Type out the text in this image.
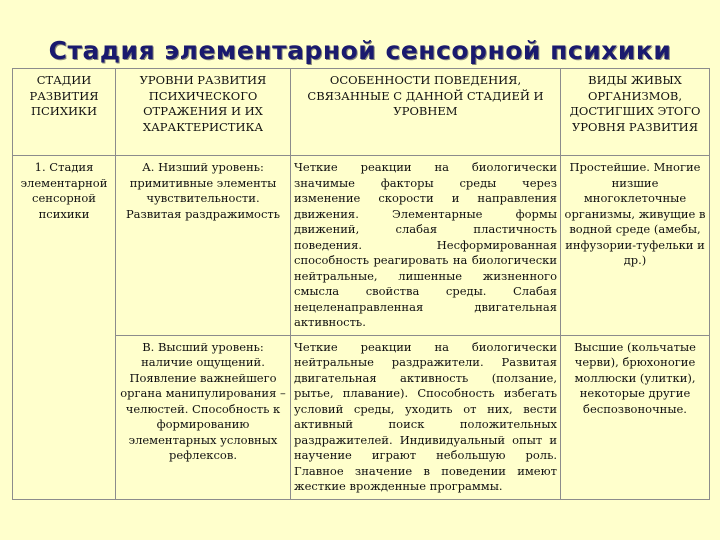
Стадия элементарной сенсорной психики
СТАДИИ РАЗВИТИЯ ПСИХИКИ	УРОВНИ РАЗВИТИЯ ПСИХИЧЕСКОГО ОТРАЖЕНИЯ И ИХ ХАРАКТЕРИСТИКА	ОСОБЕННОСТИ ПОВЕДЕНИЯ, СВЯЗАННЫЕ С ДАННОЙ СТАДИЕЙ И УРОВНЕМ	ВИДЫ ЖИВЫХ ОРГАНИЗМОВ, ДОСТИГШИХ ЭТОГО УРОВНЯ РАЗВИТИЯ
1. Стадия элементарной сенсорной психики	А. Низший уровень: примитивные элементы чувствительности. Развитая раздражимость	Четкие реакции на биологически значимые факторы среды через изменение скорости и направления движения. Элементарные формы движений, слабая пластичность поведения. Несформированная способность реагировать на биологически нейтральные, лишенные жизненного смысла свойства среды. Слабая нецеленаправленная двигательная активность.	Простейшие. Многие низшие многоклеточные организмы, живущие в водной среде (амебы, инфузории-туфельки и др.)
	В. Высший уровень: наличие ощущений. Появление важнейшего органа манипулирования – челюстей. Способность к формированию элементарных условных рефлексов.	Четкие реакции на биологически нейтральные раздражители. Развитая двигательная активность (ползание, рытье, плавание). Способность избегать условий среды, уходить от них, вести активный поиск положительных раздражителей. Индивидуальный опыт и научение играют небольшую роль. Главное значение в поведении имеют жесткие врожденные программы.	Высшие (кольчатые черви), брюхоногие моллюски (улитки), некоторые другие беспозвоночные.
